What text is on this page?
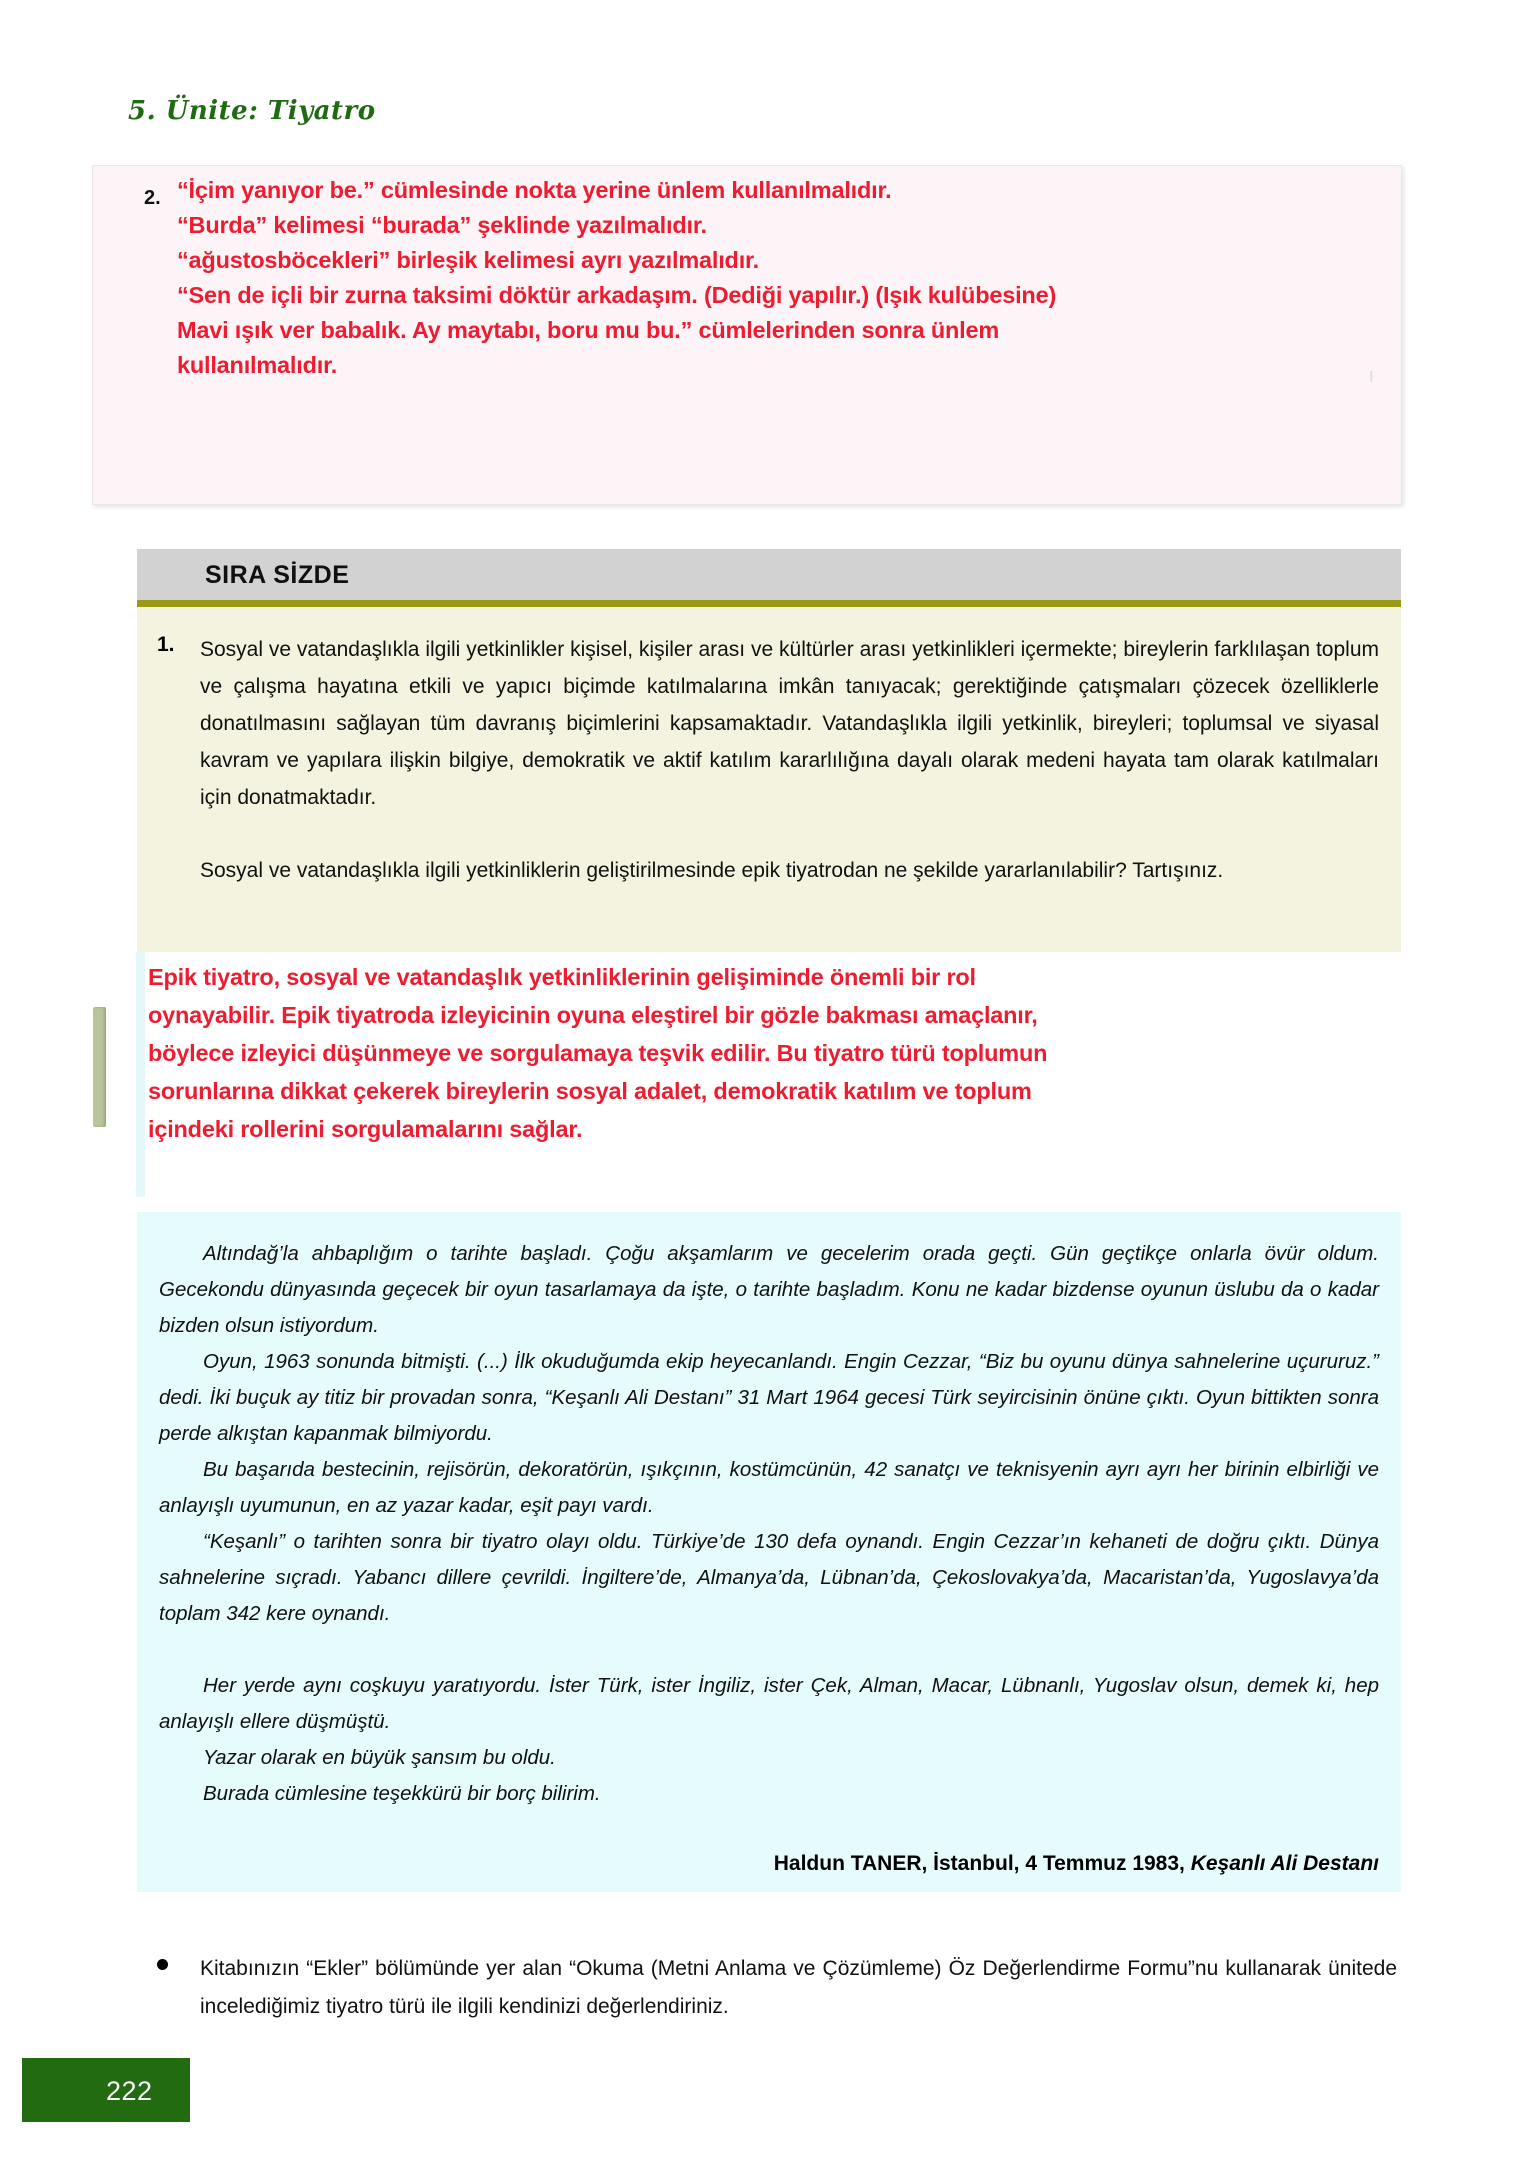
5. Ünite: Tiyatro
ı
2. “İçim yanıyor be.” cümlesinde nokta yerine ünlem kullanılmalıdır.
“Burda” kelimesi “burada” şeklinde yazılmalıdır.
“ağustosböcekleri” birleşik kelimesi ayrı yazılmalıdır.
“Sen de içli bir zurna taksimi döktür arkadaşım. (Dediği yapılır.) (Işık kulübesine)
Mavi ışık ver babalık. Ay maytabı, boru mu bu.” cümlelerinden sonra ünlem
kullanılmalıdır.
SIRA SİZDE
1. Sosyal ve vatandaşlıkla ilgili yetkinlikler kişisel, kişiler arası ve kültürler arası yetkinlikleri içermekte; bireylerin farklılaşan toplum ve çalışma hayatına etkili ve yapıcı biçimde katılmalarına imkân tanıyacak; gerektiğinde çatışmaları çözecek özelliklerle donatılmasını sağlayan tüm davranış biçimlerini kapsamaktadır. Vatandaşlıkla ilgili yetkinlik, bireyleri; toplumsal ve siyasal kavram ve yapılara ilişkin bilgiye, demokratik ve aktif katılım kararlılığına dayalı olarak medeni hayata tam olarak katılmaları için donatmaktadır.
Sosyal ve vatandaşlıkla ilgili yetkinliklerin geliştirilmesinde epik tiyatrodan ne şekilde yararlanılabilir? Tartışınız.
Epik tiyatro, sosyal ve vatandaşlık yetkinliklerinin gelişiminde önemli bir rol
oynayabilir. Epik tiyatroda izleyicinin oyuna eleştirel bir gözle bakması amaçlanır,
böylece izleyici düşünmeye ve sorgulamaya teşvik edilir. Bu tiyatro türü toplumun
sorunlarına dikkat çekerek bireylerin sosyal adalet, demokratik katılım ve toplum
içindeki rollerini sorgulamalarını sağlar.
Altındağ’la ahbaplığım o tarihte başladı. Çoğu akşamlarım ve gecelerim orada geçti. Gün geçtikçe onlarla övür oldum. Gecekondu dünyasında geçecek bir oyun tasarlamaya da işte, o tarihte başladım. Konu ne kadar bizdense oyunun üslubu da o kadar bizden olsun istiyordum.
Oyun, 1963 sonunda bitmişti. (...) İlk okuduğumda ekip heyecanlandı. Engin Cezzar, “Biz bu oyunu dünya sahnelerine uçururuz.” dedi. İki buçuk ay titiz bir provadan sonra, “Keşanlı Ali Destanı” 31 Mart 1964 gecesi Türk seyircisinin önüne çıktı. Oyun bittikten sonra perde alkıştan kapanmak bilmiyordu.
Bu başarıda bestecinin, rejisörün, dekoratörün, ışıkçının, kostümcünün, 42 sanatçı ve teknisyenin ayrı ayrı her birinin elbirliği ve anlayışlı uyumunun, en az yazar kadar, eşit payı vardı.
“Keşanlı” o tarihten sonra bir tiyatro olayı oldu. Türkiye’de 130 defa oynandı. Engin Cezzar’ın kehaneti de doğru çıktı. Dünya sahnelerine sıçradı. Yabancı dillere çevrildi. İngiltere’de, Almanya’da, Lübnan’da, Çekoslovakya’da, Macaristan’da, Yugoslavya’da toplam 342 kere oynandı.
Her yerde aynı coşkuyu yaratıyordu. İster Türk, ister İngiliz, ister Çek, Alman, Macar, Lübnanlı, Yugoslav olsun, demek ki, hep anlayışlı ellere düşmüştü.
Yazar olarak en büyük şansım bu oldu.
Burada cümlesine teşekkürü bir borç bilirim.
Haldun TANER, İstanbul, 4 Temmuz 1983, Keşanlı Ali Destanı
Kitabınızın “Ekler” bölümünde yer alan “Okuma (Metni Anlama ve Çözümleme) Öz Değerlendirme Formu”nu kullanarak ünitede incelediğimiz tiyatro türü ile ilgili kendinizi değerlendiriniz.
222
